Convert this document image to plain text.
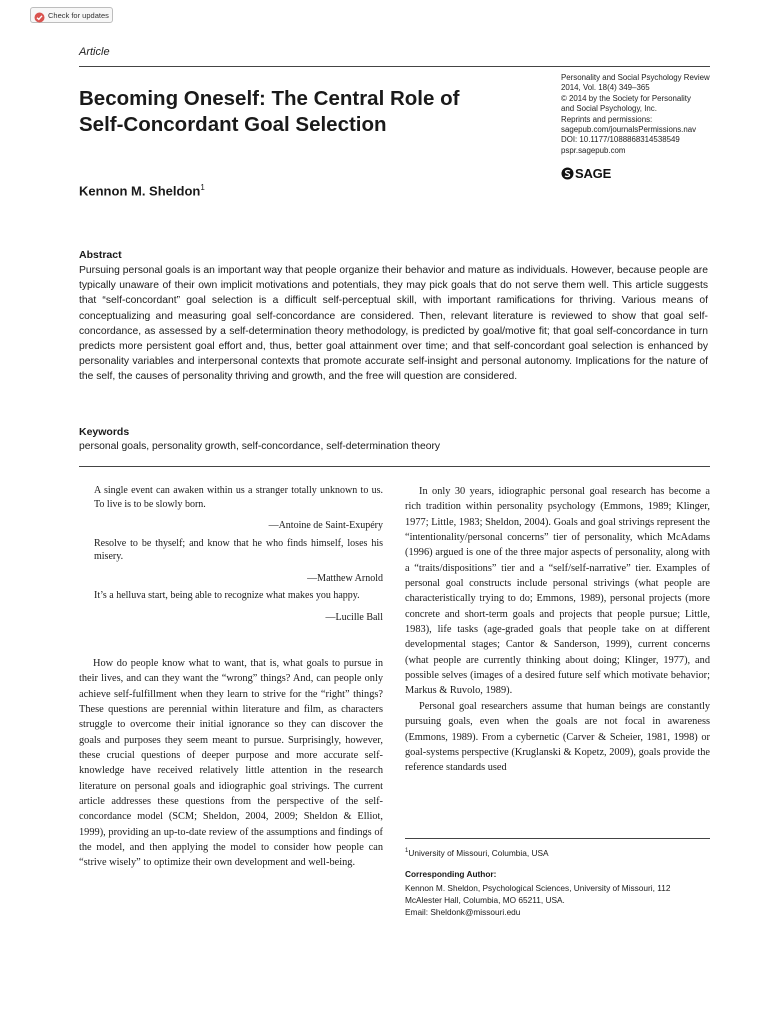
Check for updates
Article
Becoming Oneself: The Central Role of
Self-Concordant Goal Selection
Personality and Social Psychology Review
2014, Vol. 18(4) 349–365
© 2014 by the Society for Personality
and Social Psychology, Inc.
Reprints and permissions:
sagepub.com/journalsPermissions.nav
DOI: 10.1177/1088868314538549
pspr.sagepub.com
SAGE
Kennon M. Sheldon$^1$
Abstract

Pursuing personal goals is an important way that people organize their behavior and mature as individuals. However, because people are typically unaware of their own implicit motivations and potentials, they may pick goals that do not serve them well. This article suggests that “self-concordant” goal selection is a difficult self-perceptual skill, with important ramifications for thriving. Various means of conceptualizing and measuring goal self-concordance are considered. Then, relevant literature is reviewed to show that goal self-concordance, as assessed by a self-determination theory methodology, is predicted by goal/motive fit; that goal self-concordance in turn predicts more persistent goal effort and, thus, better goal attainment over time; and that self-concordant goal selection is enhanced by personality variables and interpersonal contexts that promote accurate self-insight and personal autonomy. Implications for the nature of the self, the causes of personality thriving and growth, and the free will question are considered.

Keywords
personal goals, personality growth, self-concordance, self-determination theory

A single event can awaken within us a stranger totally unknown to us. To live is to be slowly born.

—Antoine de Saint-Exupéry

Resolve to be thyself; and know that he who finds himself, loses his misery.

—Matthew Arnold

It’s a helluva start, being able to recognize what makes you happy.

—Lucille Ball

How do people know what to want, that is, what goals to pursue in their lives, and can they want the “wrong” things? And, can people only achieve self-fulfillment when they learn to strive for the “right” things? These questions are perennial within literature and film, as characters struggle to overcome their initial ignorance so they can discover the goals and purposes they seem meant to pursue. Surprisingly, however, these crucial questions of deeper purpose and more accurate self-knowledge have received relatively little attention in the research literature on personal goals and idiographic goal strivings. The current article addresses these questions from the perspective of the self-concordance model (SCM; Sheldon, 2004, 2009; Sheldon & Elliot, 1999), providing an up-to-date review of the assumptions and findings of the model, and then applying the model to consider how people can “strive wisely” to optimize their own development and well-being.

In only 30 years, idiographic personal goal research has become a rich tradition within personality psychology (Emmons, 1989; Klinger, 1977; Little, 1983; Sheldon, 2004). Goals and goal strivings represent the “intentionality/personal concerns” tier of personality, which McAdams (1996) argued is one of the three major aspects of personality, along with a “traits/dispositions” tier and a “self/self-narrative” tier. Examples of personal goal constructs include personal strivings (what people are characteristically trying to do; Emmons, 1989), personal projects (more concrete and short-term goals and projects that people pursue; Little, 1983), life tasks (age-graded goals that people take on at different developmental stages; Cantor & Sanderson, 1999), current concerns (what people are currently thinking about doing; Klinger, 1977), and possible selves (images of a desired future self which motivate behavior; Markus & Ruvolo, 1989).

Personal goal researchers assume that human beings are constantly pursuing goals, even when the goals are not focal in awareness (Emmons, 1989). From a cybernetic (Carver & Scheier, 1981, 1998) or goal-systems perspective (Kruglanski & Kopetz, 2009), goals provide the reference standards used

$^1$University of Missouri, Columbia, USA
Corresponding Author:
Kennon M. Sheldon, Psychological Sciences, University of Missouri, 112
McAlester Hall, Columbia, MO 65211, USA.
Email: Sheldonk@missouri.edu
